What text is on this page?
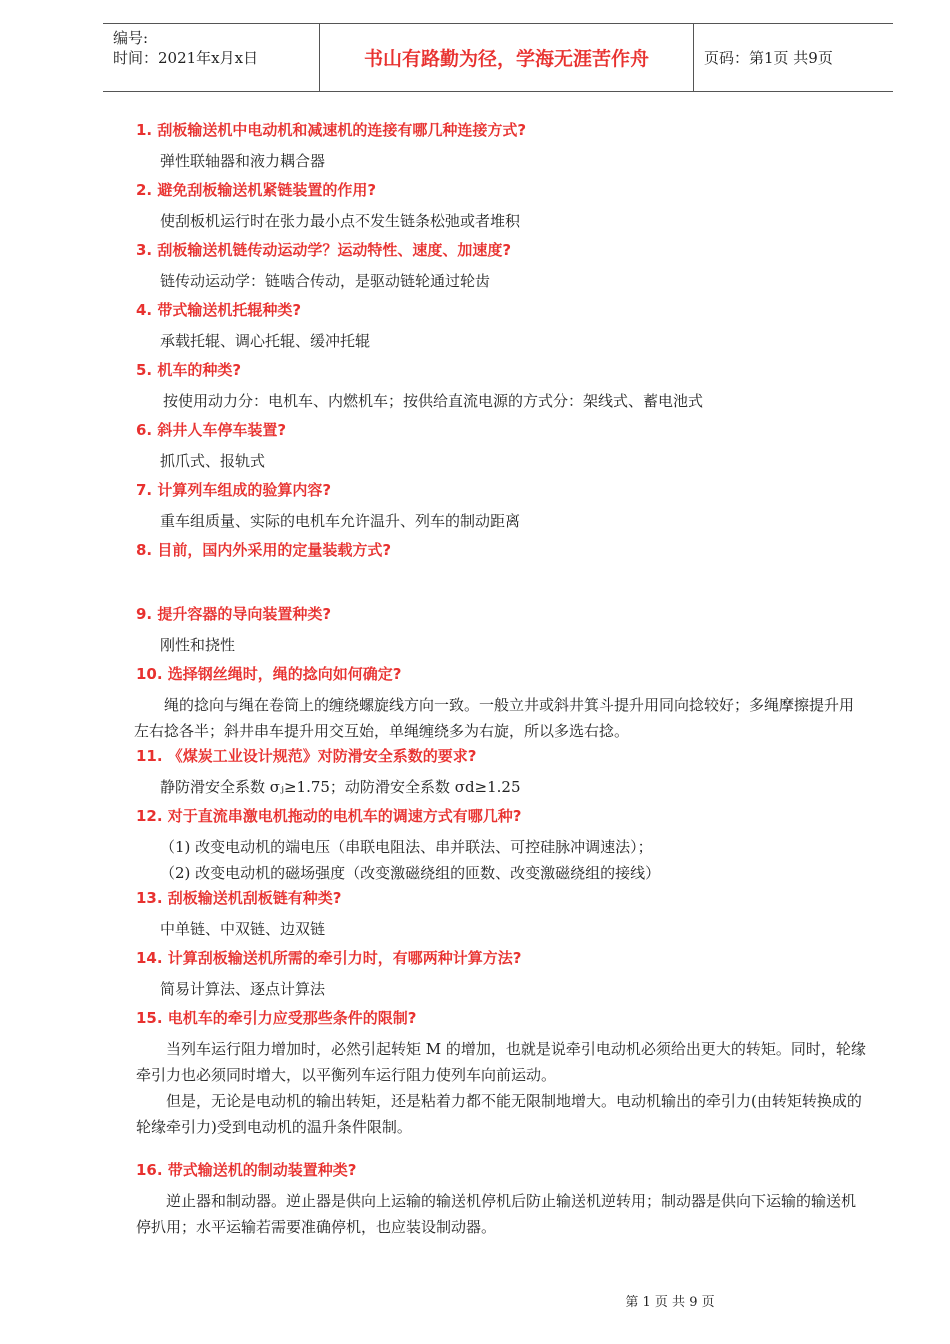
编号:
时间：2021年x月x日	书山有路勤为径，学海无涯苦作舟	页码：第1页 共9页
1. 刮板输送机中电动机和减速机的连接有哪几种连接方式?

弹性联轴器和液力耦合器

2. 避免刮板输送机紧链装置的作用?

使刮板机运行时在张力最小点不发生链条松弛或者堆积

3. 刮板输送机链传动运动学？运动特性、速度、加速度?

链传动运动学：链啮合传动，是驱动链轮通过轮齿

4. 带式输送机托辊种类?

承载托辊、调心托辊、缓冲托辊

5. 机车的种类?

按使用动力分：电机车、内燃机车；按供给直流电源的方式分：架线式、蓄电池式

6. 斜井人车停车装置?

抓爪式、报轨式

7. 计算列车组成的验算内容?

重车组质量、实际的电机车允许温升、列车的制动距离

8. 目前，国内外采用的定量装载方式?
9. 提升容器的导向装置种类?

刚性和挠性

10. 选择钢丝绳时，绳的捻向如何确定?

绳的捻向与绳在卷筒上的缠绕螺旋线方向一致。一般立井或斜井箕斗提升用同向捻较好；多绳摩擦提升用左右捻各半；斜井串车提升用交互始，单绳缠绕多为右旋，所以多选右捻。

11. 《煤炭工业设计规范》对防滑安全系数的要求?

静防滑安全系数 σⱼ≥1.75；动防滑安全系数 σd≥1.25

12. 对于直流串激电机拖动的电机车的调速方式有哪几种?

（1) 改变电动机的端电压（串联电阻法、串并联法、可控硅脉冲调速法）；

（2) 改变电动机的磁场强度（改变激磁绕组的匝数、改变激磁绕组的接线）

13. 刮板输送机刮板链有种类?

中单链、中双链、边双链

14. 计算刮板输送机所需的牵引力时，有哪两种计算方法?

简易计算法、逐点计算法

15. 电机车的牵引力应受那些条件的限制?

当列车运行阻力增加时，必然引起转矩 M 的增加，也就是说牵引电动机必须给出更大的转矩。同时，轮缘牵引力也必须同时增大，以平衡列车运行阻力使列车向前运动。

但是，无论是电动机的输出转矩，还是粘着力都不能无限制地增大。电动机输出的牵引力(由转矩转换成的轮缘牵引力)受到电动机的温升条件限制。

16. 带式输送机的制动装置种类?

逆止器和制动器。逆止器是供向上运输的输送机停机后防止输送机逆转用；制动器是供向下运输的输送机停扒用；水平运输若需要准确停机，也应装设制动器。

第 1 页 共 9 页
